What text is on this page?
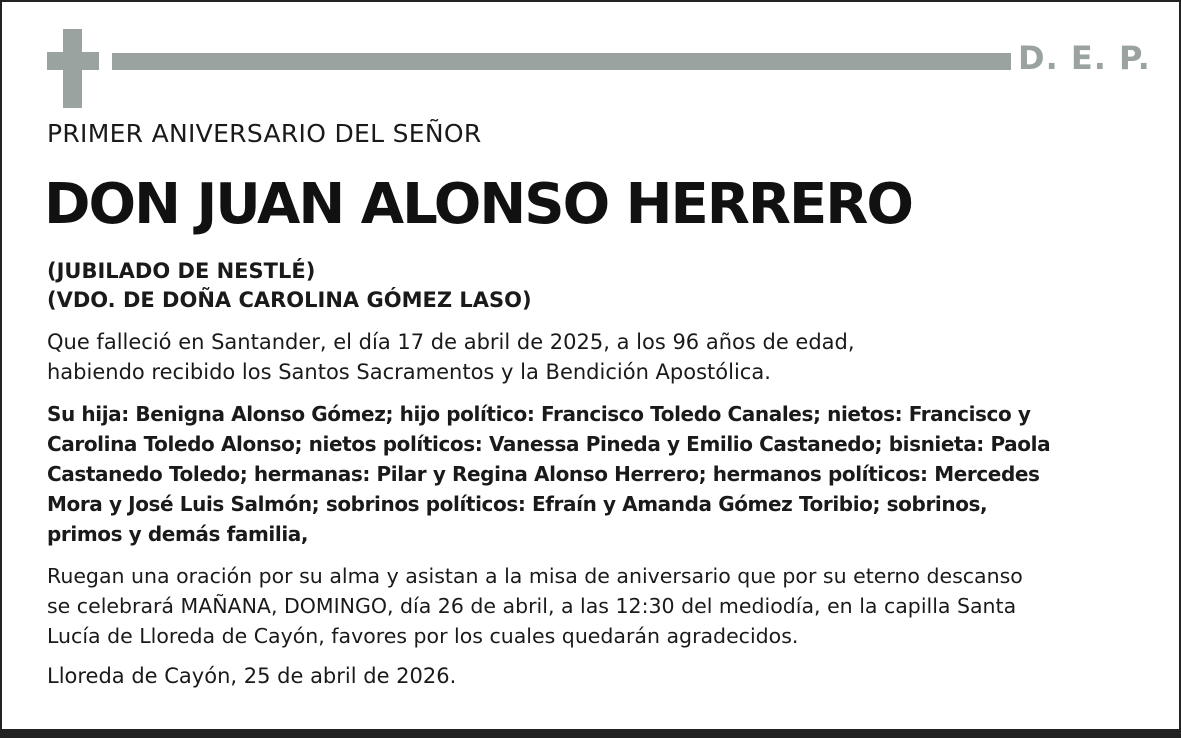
D. E. P.
PRIMER ANIVERSARIO DEL SEÑOR
DON JUAN ALONSO HERRERO
(JUBILADO DE NESTLÉ)
(VDO. DE DOÑA CAROLINA GÓMEZ LASO)
Que falleció en Santander, el día 17 de abril de 2025, a los 96 años de edad,
habiendo recibido los Santos Sacramentos y la Bendición Apostólica.
Su hija: Benigna Alonso Gómez; hijo político: Francisco Toledo Canales; nietos: Francisco y
Carolina Toledo Alonso; nietos políticos: Vanessa Pineda y Emilio Castanedo; bisnieta: Paola
Castanedo Toledo; hermanas: Pilar y Regina Alonso Herrero; hermanos políticos: Mercedes
Mora y José Luis Salmón; sobrinos políticos: Efraín y Amanda Gómez Toribio; sobrinos,
primos y demás familia,
Ruegan una oración por su alma y asistan a la misa de aniversario que por su eterno descanso
se celebrará MAÑANA, DOMINGO, día 26 de abril, a las 12:30 del mediodía, en la capilla Santa
Lucía de Lloreda de Cayón, favores por los cuales quedarán agradecidos.
Lloreda de Cayón, 25 de abril de 2026.
